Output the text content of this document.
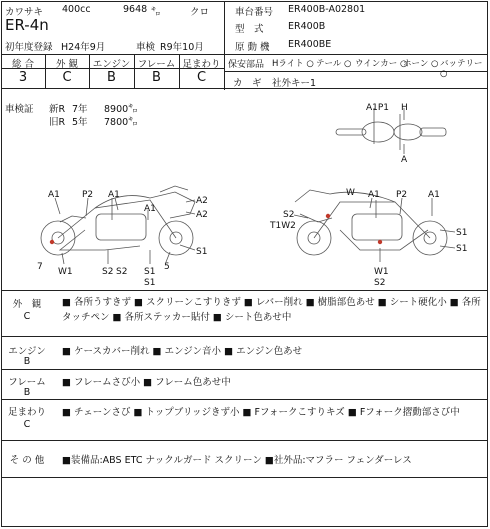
カワサキ 400cc	9648 ㌔	クロ
ER-4n
初年度登録 H24年9月	車検 R9年10月
車台番号 ER400B-A02801
型　式	ER400B
原 動 機 ER400BE
総 合	外 観	エンジン フレーム 足まわり
3	C	B	B	C
保安部品 Hライト ○ テール ○ ウインカー ○
ホーン ○ バッテリー ○
カ　ギ 社外キー1
車検証 新R 7年 8900㌔
旧R 5年 7800㌔
A1P1 H
A
A1 P2 A1
A2
A2
A1
S1
7 W1	S2 S2 S1
S1
5
W A1
S2
T1W2
P2 A1
S1
S1
W1
S2
外　観
C
■ 各所うすきず ■ スクリーンこすりきず ■ レバー削れ ■ 樹脂部色あせ ■ シート硬化小 ■ 各所タッチペン ■ 各所ステッカー貼付 ■ シート色あせ中
エンジン
B
■ ケースカバー削れ ■ エンジン音小 ■ エンジン色あせ
フレーム
B
■ フレームさび小 ■ フレーム色あせ中
足まわり
C
■ チェーンさび ■ トップブリッジきず小 ■ Fフォークこすりキズ ■ Fフォーク摺動部さび中
そ の 他	■装備品:ABS ETC ナックルガード スクリーン ■社外品:マフラー フェンダーレス
